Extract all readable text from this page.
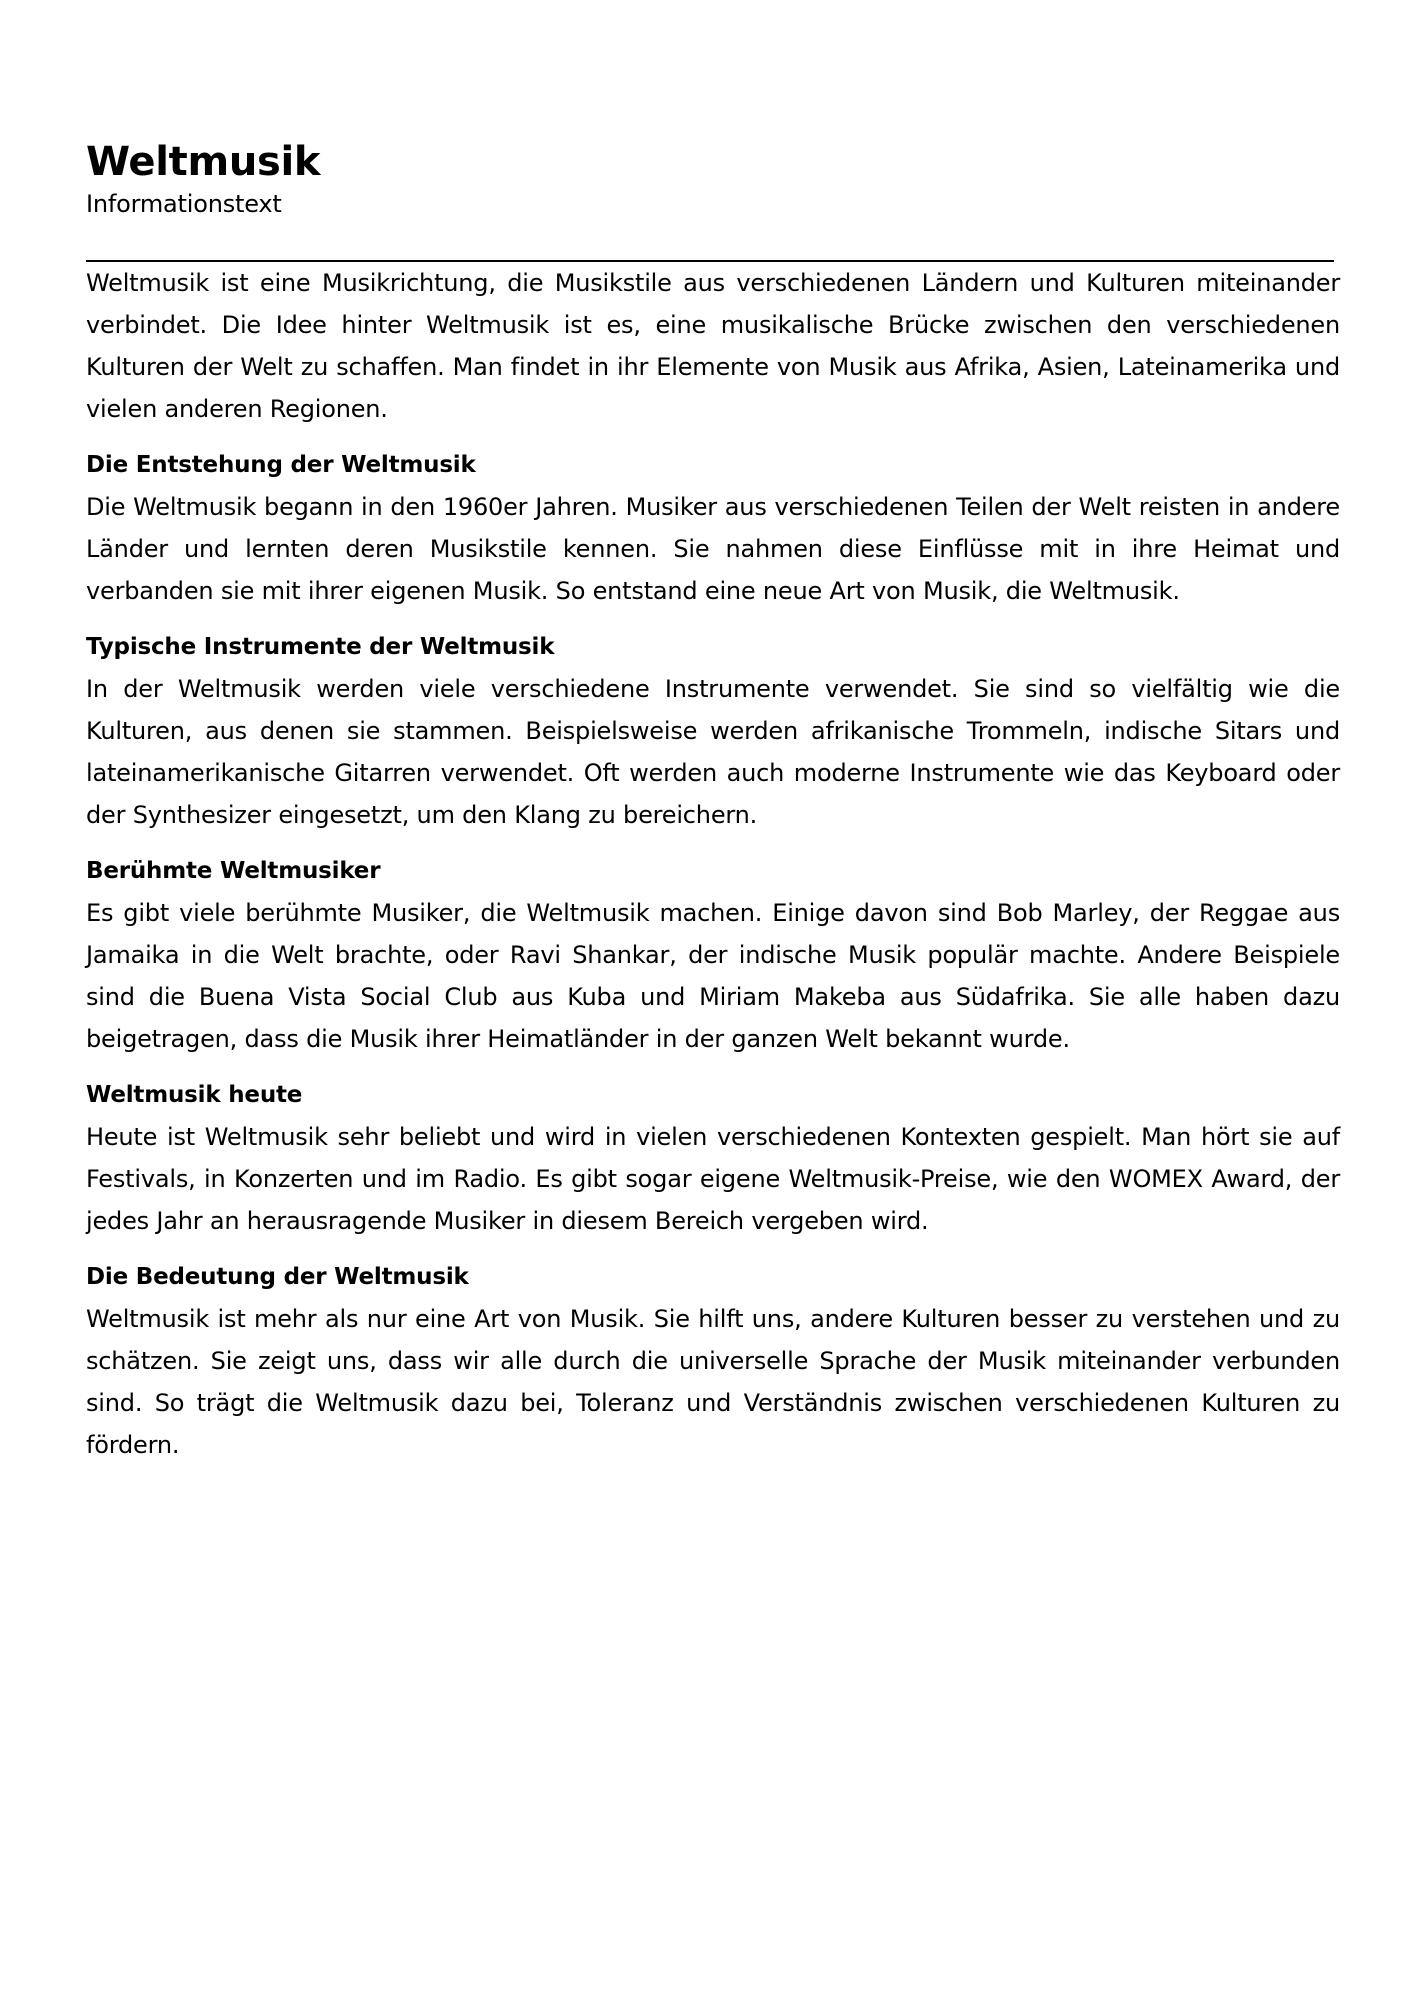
Weltmusik

Informationstext

Weltmusik ist eine Musikrichtung, die Musikstile aus verschiedenen Ländern und Kulturen miteinander verbindet. Die Idee hinter Weltmusik ist es, eine musikalische Brücke zwischen den verschiedenen Kulturen der Welt zu schaffen. Man findet in ihr Elemente von Musik aus Afrika, Asien, Lateinamerika und vielen anderen Regionen.

Die Entstehung der Weltmusik

Die Weltmusik begann in den 1960er Jahren. Musiker aus verschiedenen Teilen der Welt reisten in andere Länder und lernten deren Musikstile kennen. Sie nahmen diese Einflüsse mit in ihre Heimat und verbanden sie mit ihrer eigenen Musik. So entstand eine neue Art von Musik, die Weltmusik.

Typische Instrumente der Weltmusik

In der Weltmusik werden viele verschiedene Instrumente verwendet. Sie sind so vielfältig wie die Kulturen, aus denen sie stammen. Beispielsweise werden afrikanische Trommeln, indische Sitars und lateinamerikanische Gitarren verwendet. Oft werden auch moderne Instrumente wie das Keyboard oder der Synthesizer eingesetzt, um den Klang zu bereichern.

Berühmte Weltmusiker

Es gibt viele berühmte Musiker, die Weltmusik machen. Einige davon sind Bob Marley, der Reggae aus Jamaika in die Welt brachte, oder Ravi Shankar, der indische Musik populär machte. Andere Beispiele sind die Buena Vista Social Club aus Kuba und Miriam Makeba aus Südafrika. Sie alle haben dazu beigetragen, dass die Musik ihrer Heimatländer in der ganzen Welt bekannt wurde.

Weltmusik heute

Heute ist Weltmusik sehr beliebt und wird in vielen verschiedenen Kontexten gespielt. Man hört sie auf Festivals, in Konzerten und im Radio. Es gibt sogar eigene Weltmusik-Preise, wie den WOMEX Award, der jedes Jahr an herausragende Musiker in diesem Bereich vergeben wird.

Die Bedeutung der Weltmusik

Weltmusik ist mehr als nur eine Art von Musik. Sie hilft uns, andere Kulturen besser zu verstehen und zu schätzen. Sie zeigt uns, dass wir alle durch die universelle Sprache der Musik miteinander verbunden sind. So trägt die Weltmusik dazu bei, Toleranz und Verständnis zwischen verschiedenen Kulturen zu fördern.
